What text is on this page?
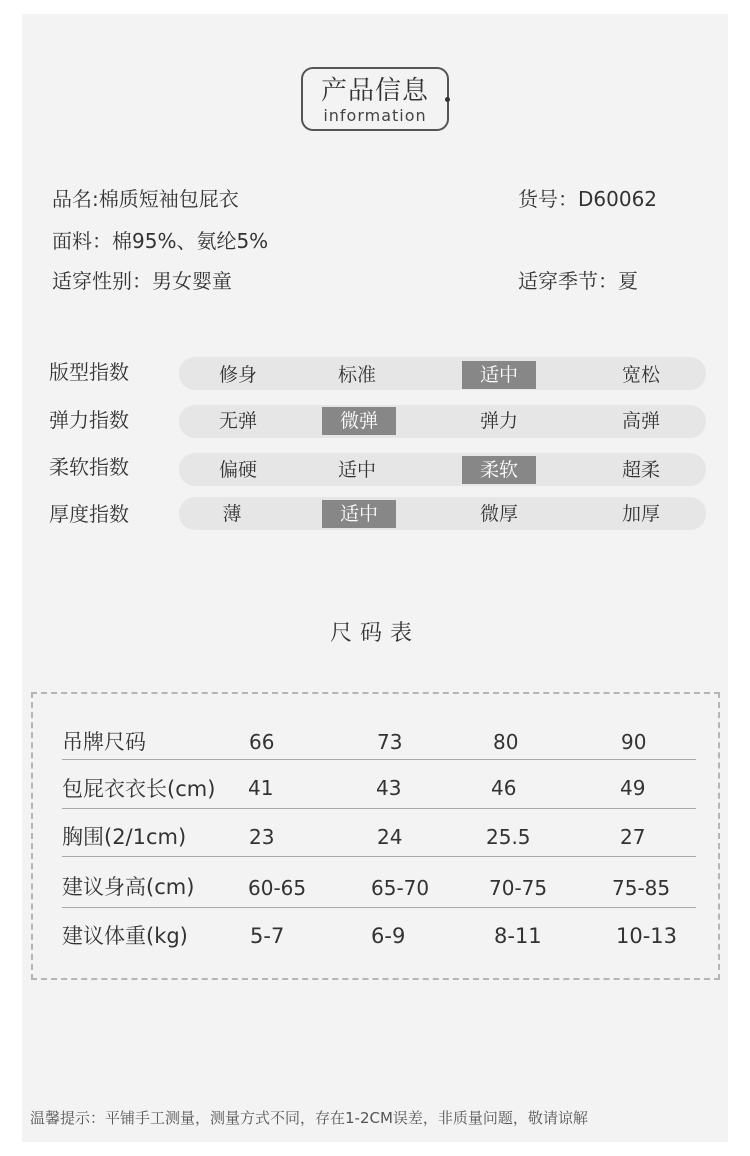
产品信息
information
品名:棉质短袖包屁衣	货号：D60062
面料：棉95%、氨纶5%
适穿性别：男女婴童	适穿季节：夏
版型指数	修身	标准	适中	宽松
弹力指数	无弹	微弹	弹力	高弹
柔软指数	偏硬	适中	柔软	超柔
厚度指数	薄	适中	微厚	加厚
尺码表
吊牌尺码	66	73	80	90
包屁衣衣长(cm) 41	43	46	49
胸围(2/1cm)	23	24	25.5	27
建议身高(cm)	60-65	65-70	70-75	75-85
建议体重(kg)	5-7	6-9	8-11	10-13
温馨提示：平铺手工测量，测量方式不同，存在1-2CM误差，非质量问题，敬请谅解
